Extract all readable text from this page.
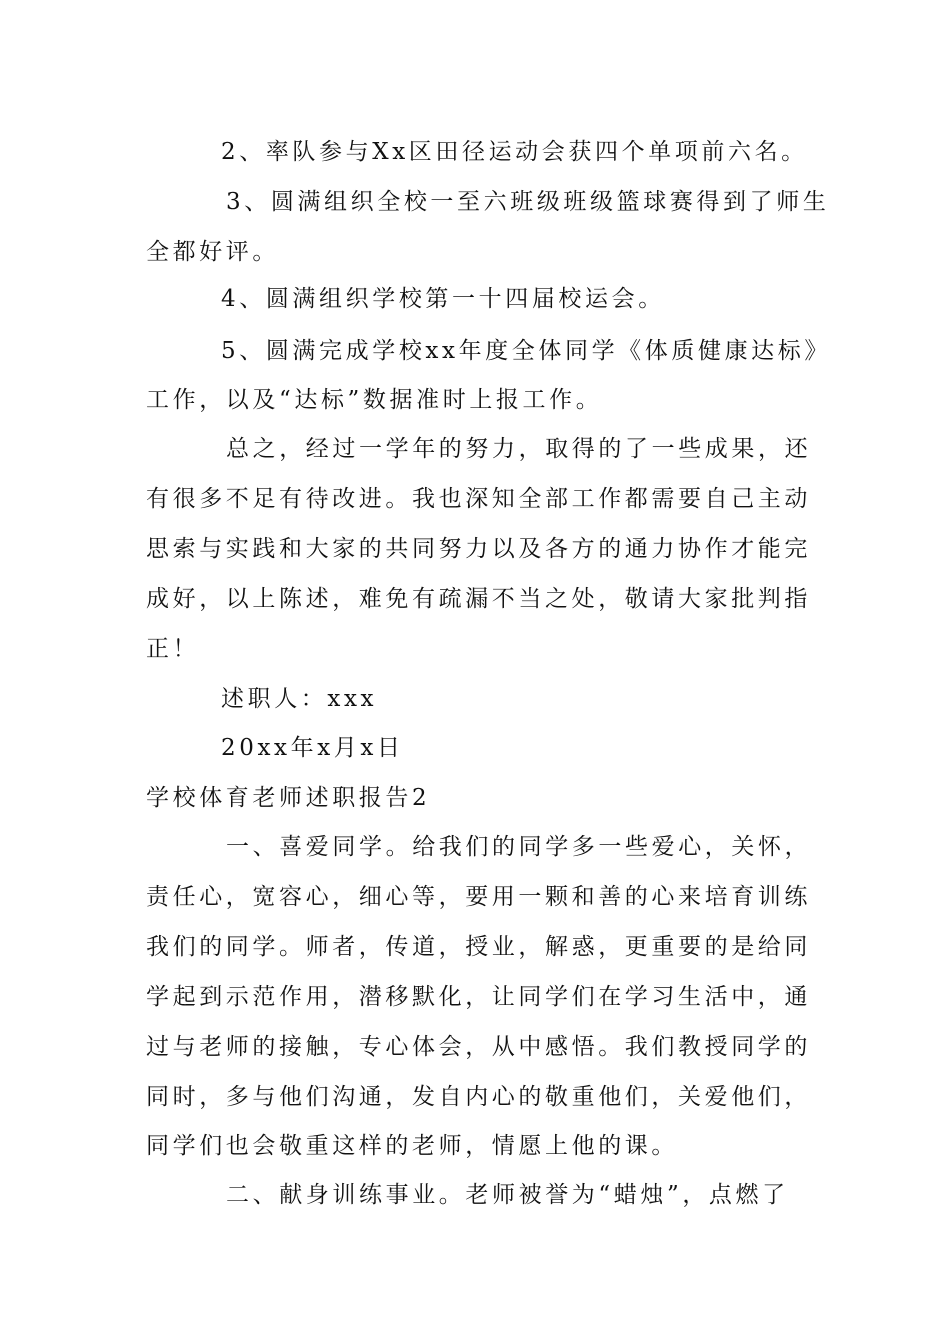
2、率队参与Xx区田径运动会获四个单项前六名。

3、圆满组织全校一至六班级班级篮球赛得到了师生

全都好评。

4、圆满组织学校第一十四届校运会。

5、圆满完成学校xx年度全体同学《体质健康达标》

工作，以及“达标”数据准时上报工作。

总之，经过一学年的努力，取得的了一些成果，还

有很多不足有待改进。我也深知全部工作都需要自己主动

思索与实践和大家的共同努力以及各方的通力协作才能完

成好，以上陈述，难免有疏漏不当之处，敬请大家批判指

正！

述职人：xxx

20xx年x月x日

学校体育老师述职报告2

一、喜爱同学。给我们的同学多一些爱心，关怀，

责任心，宽容心，细心等，要用一颗和善的心来培育训练

我们的同学。师者，传道，授业，解惑，更重要的是给同

学起到示范作用，潜移默化，让同学们在学习生活中，通

过与老师的接触，专心体会，从中感悟。我们教授同学的

同时，多与他们沟通，发自内心的敬重他们，关爱他们，

同学们也会敬重这样的老师，情愿上他的课。

二、献身训练事业。老师被誉为“蜡烛”，点燃了
